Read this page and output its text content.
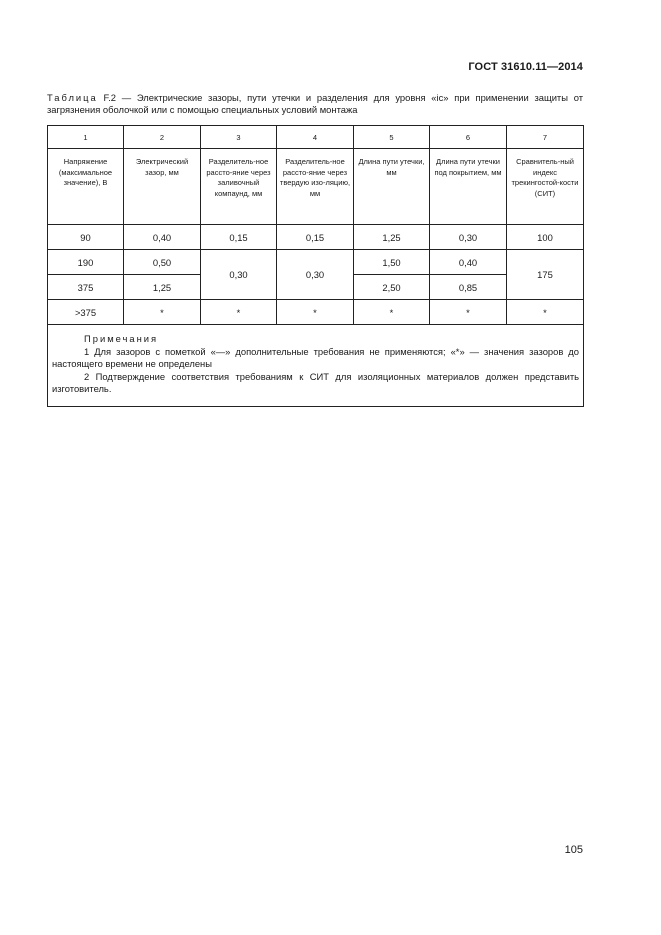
ГОСТ 31610.11—2014
Таблица F.2 — Электрические зазоры, пути утечки и разделения для уровня «ic» при применении защиты от загрязнения оболочкой или с помощью специальных условий монтажа
1	2	3	4	5	6	7
Напряжение (максимальное значение), В	Электрический зазор, мм	Разделитель-ное рассто-яние через заливочный компаунд, мм	Разделитель-ное рассто-яние через твердую изо-ляцию, мм	Длина пути утечки, мм	Длина пути утечки под покрытием, мм	Сравнитель-ный индекс трекингостой-кости (СИТ)
90	0,40	0,15	0,15	1,25	0,30	100
190	0,50	0,30	0,30	1,50	0,40	175
375	1,25			2,50	0,85	
>375	*	*	*	*	*	*

Примечания
1 Для зазоров с пометкой «—» дополнительные требования не применяются; «*» — значения зазоров до настоящего времени не определены
2 Подтверждение соответствия требованиям к СИТ для изоляционных материалов должен представить изготовитель.						
105
